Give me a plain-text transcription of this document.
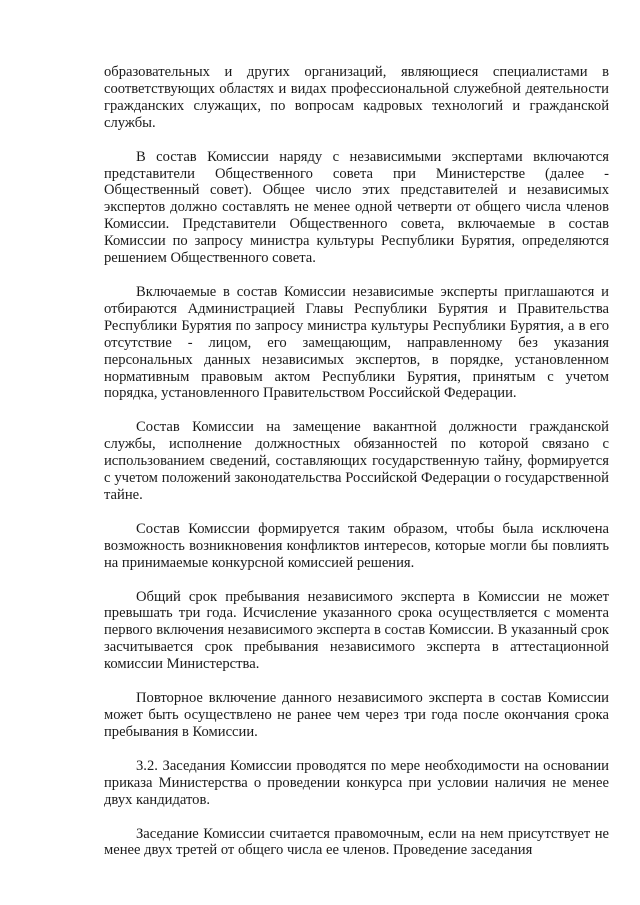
образовательных и других организаций, являющиеся специалистами в соответствующих областях и видах профессиональной служебной деятельности гражданских служащих, по вопросам кадровых технологий и гражданской службы.

В состав Комиссии наряду с независимыми экспертами включаются представители Общественного совета при Министерстве (далее - Общественный совет). Общее число этих представителей и независимых экспертов должно составлять не менее одной четверти от общего числа членов Комиссии. Представители Общественного совета, включаемые в состав Комиссии по запросу министра культуры Республики Бурятия, определяются решением Общественного совета.

Включаемые в состав Комиссии независимые эксперты приглашаются и отбираются Администрацией Главы Республики Бурятия и Правительства Республики Бурятия по запросу министра культуры Республики Бурятия, а в его отсутствие - лицом, его замещающим, направленному без указания персональных данных независимых экспертов, в порядке, установленном нормативным правовым актом Республики Бурятия, принятым с учетом порядка, установленного Правительством Российской Федерации.

Состав Комиссии на замещение вакантной должности гражданской службы, исполнение должностных обязанностей по которой связано с использованием сведений, составляющих государственную тайну, формируется с учетом положений законодательства Российской Федерации о государственной тайне.

Состав Комиссии формируется таким образом, чтобы была исключена возможность возникновения конфликтов интересов, которые могли бы повлиять на принимаемые конкурсной комиссией решения.

Общий срок пребывания независимого эксперта в Комиссии не может превышать три года. Исчисление указанного срока осуществляется с момента первого включения независимого эксперта в состав Комиссии. В указанный срок засчитывается срок пребывания независимого эксперта в аттестационной комиссии Министерства.

Повторное включение данного независимого эксперта в состав Комиссии может быть осуществлено не ранее чем через три года после окончания срока пребывания в Комиссии.

3.2. Заседания Комиссии проводятся по мере необходимости на основании приказа Министерства о проведении конкурса при условии наличия не менее двух кандидатов.

Заседание Комиссии считается правомочным, если на нем присутствует не менее двух третей от общего числа ее членов. Проведение заседания
